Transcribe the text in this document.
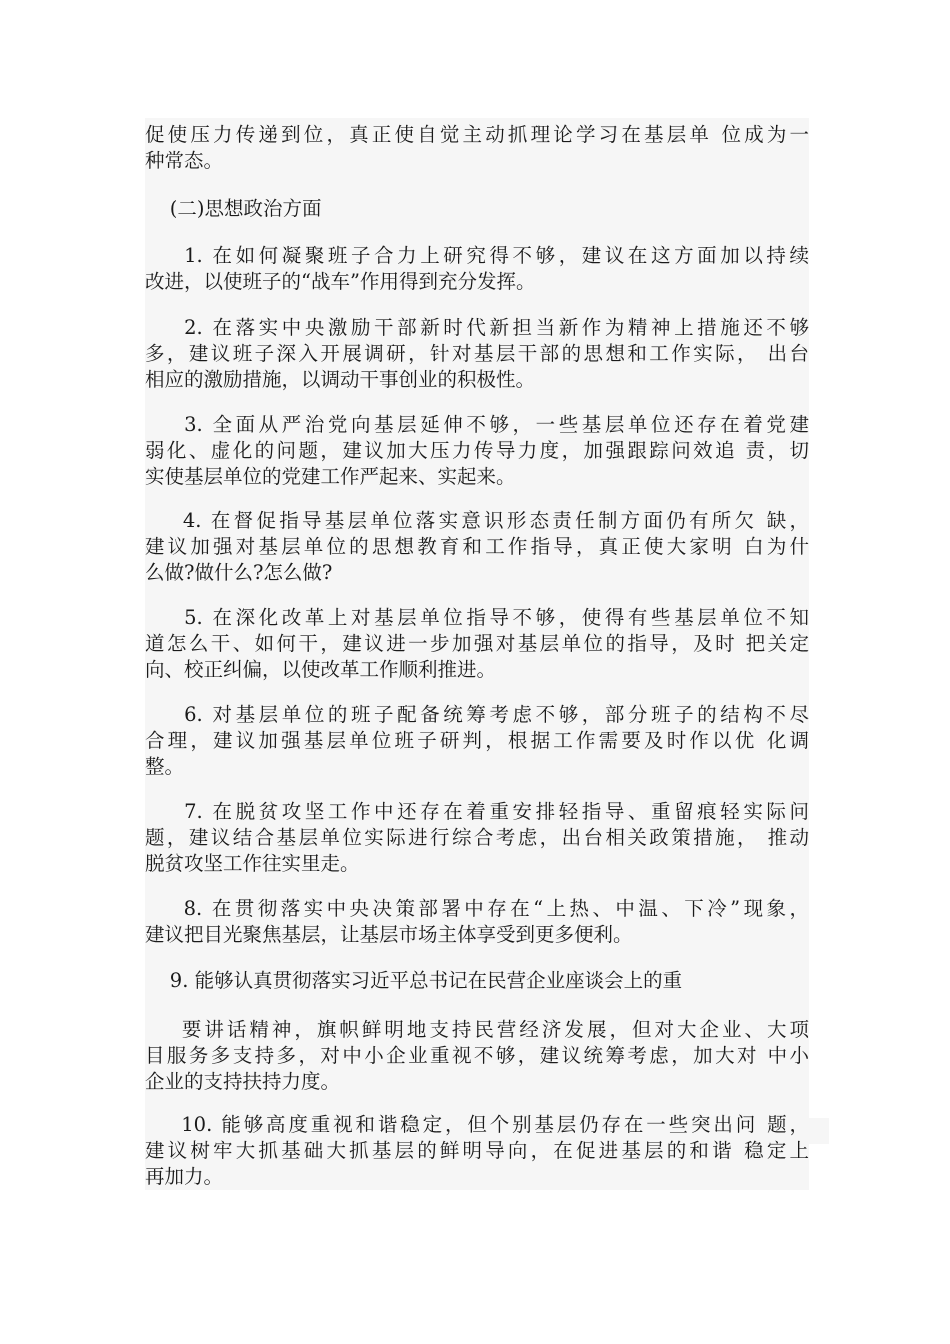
促使压力传递到位，真正使自觉主动抓理论学习在基层单 位成为一
种常态。
(二)思想政治方面
1. 在如何凝聚班子合力上研究得不够，建议在这方面加以持续
改进，以使班子的“战车”作用得到充分发挥。
2. 在落实中央激励干部新时代新担当新作为精神上措施还不够
多，建议班子深入开展调研，针对基层干部的思想和工作实际， 出台
相应的激励措施，以调动干事创业的积极性。
3. 全面从严治党向基层延伸不够，一些基层单位还存在着党建
弱化、虚化的问题，建议加大压力传导力度，加强跟踪问效追 责，切
实使基层单位的党建工作严起来、实起来。
4. 在督促指导基层单位落实意识形态责任制方面仍有所欠 缺，
建议加强对基层单位的思想教育和工作指导，真正使大家明 白为什
么做?做什么?怎么做?
5. 在深化改革上对基层单位指导不够，使得有些基层单位不知
道怎么干、如何干，建议进一步加强对基层单位的指导，及时 把关定
向、校正纠偏，以使改革工作顺利推进。
6. 对基层单位的班子配备统筹考虑不够，部分班子的结构不尽
合理，建议加强基层单位班子研判，根据工作需要及时作以优 化调
整。
7. 在脱贫攻坚工作中还存在着重安排轻指导、重留痕轻实际问
题，建议结合基层单位实际进行综合考虑，出台相关政策措施， 推动
脱贫攻坚工作往实里走。
8. 在贯彻落实中央决策部署中存在“上热、中温、下冷”现象，
建议把目光聚焦基层，让基层市场主体享受到更多便利。
9. 能够认真贯彻落实习近平总书记在民营企业座谈会上的重
要讲话精神，旗帜鲜明地支持民营经济发展，但对大企业、大项
目服务多支持多，对中小企业重视不够，建议统筹考虑，加大对 中小
企业的支持扶持力度。
10. 能够高度重视和谐稳定，但个别基层仍存在一些突出问 题，
建议树牢大抓基础大抓基层的鲜明导向，在促进基层的和谐 稳定上
再加力。
